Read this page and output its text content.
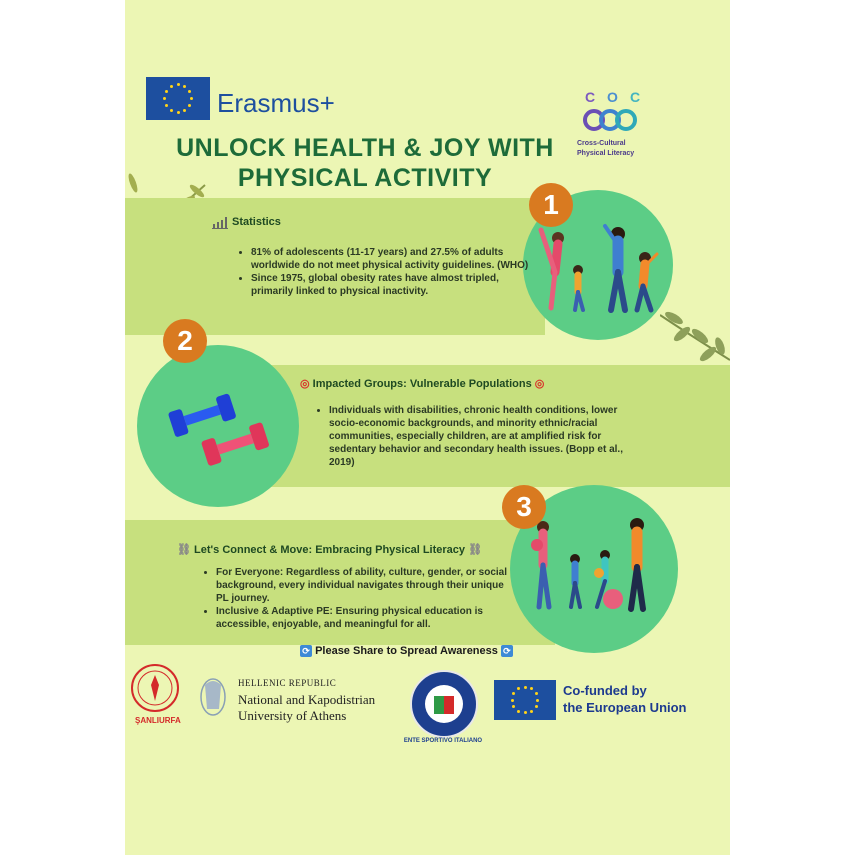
Erasmus+	C O C
Cross-Cultural
Physical Literacy
UNLOCK HEALTH & JOY WITH
PHYSICAL ACTIVITY
1
Statistics
• 81% of adolescents (11-17 years) and 27.5% of adults worldwide do not meet physical activity guidelines. (WHO)
• Since 1975, global obesity rates have almost tripled, primarily linked to physical inactivity.
2
◎ Impacted Groups: Vulnerable Populations ◎
• Individuals with disabilities, chronic health conditions, lower socio-economic backgrounds, and minority ethnic/racial communities, especially children, are at amplified risk for sedentary behavior and secondary health issues. (Bopp et al., 2019)
3
⛓ Let's Connect & Move: Embracing Physical Literacy ⛓
• For Everyone: Regardless of ability, culture, gender, or social background, every individual navigates through their unique PL journey.
• Inclusive & Adaptive PE: Ensuring physical education is accessible, enjoyable, and meaningful for all.
⟳ Please Share to Spread Awareness ⟳
ŞANLIURFA
HELLENIC REPUBLIC
National and Kapodistrian
University of Athens
ENTE SPORTIVO ITALIANO
Co-funded by
the European Union
